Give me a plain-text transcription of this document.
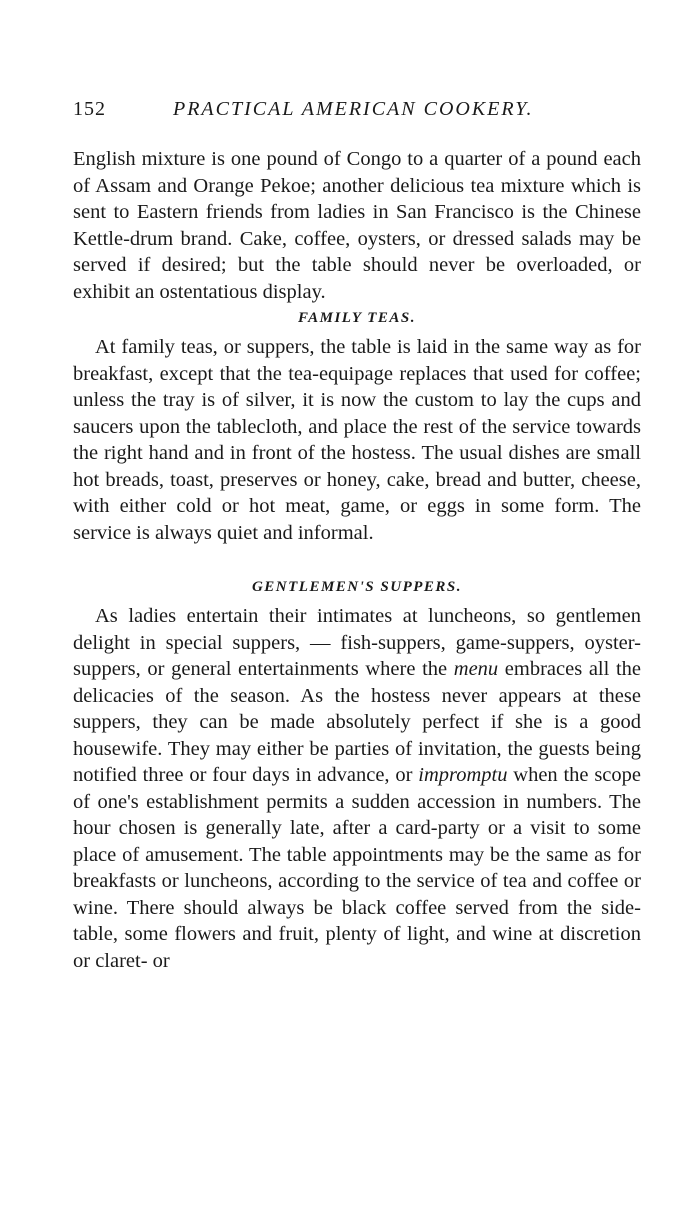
152	PRACTICAL AMERICAN COOKERY.

English mixture is one pound of Congo to a quarter of a pound each of Assam and Orange Pekoe; another delicious tea mixture which is sent to Eastern friends from ladies in San Francisco is the Chinese Kettle-drum brand. Cake, coffee, oysters, or dressed salads may be served if desired; but the table should never be overloaded, or exhibit an ostentatious display.

FAMILY TEAS.

At family teas, or suppers, the table is laid in the same way as for breakfast, except that the tea-equipage replaces that used for coffee; unless the tray is of silver, it is now the custom to lay the cups and saucers upon the tablecloth, and place the rest of the service towards the right hand and in front of the hostess. The usual dishes are small hot breads, toast, preserves or honey, cake, bread and butter, cheese, with either cold or hot meat, game, or eggs in some form. The service is always quiet and informal.

GENTLEMEN'S SUPPERS.

As ladies entertain their intimates at luncheons, so gentlemen delight in special suppers, — fish-suppers, game-suppers, oyster-suppers, or general entertainments where the menu embraces all the delicacies of the season. As the hostess never appears at these suppers, they can be made absolutely perfect if she is a good housewife. They may either be parties of invitation, the guests being notified three or four days in advance, or impromptu when the scope of one's establishment permits a sudden accession in numbers. The hour chosen is generally late, after a card-party or a visit to some place of amusement. The table appointments may be the same as for breakfasts or luncheons, according to the service of tea and coffee or wine. There should always be black coffee served from the side-table, some flowers and fruit, plenty of light, and wine at discretion or claret- or
